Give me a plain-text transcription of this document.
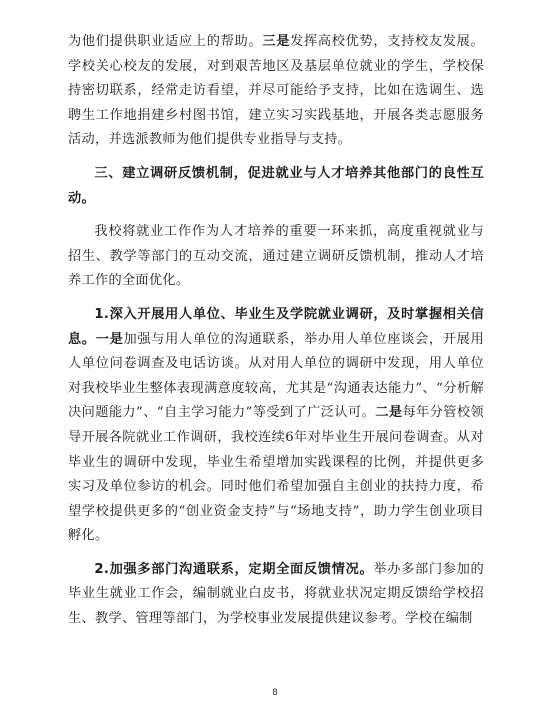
为他们提供职业适应上的帮助。三是发挥高校优势，支持校友发展。学校关心校友的发展，对到艰苦地区及基层单位就业的学生，学校保持密切联系，经常走访看望，并尽可能给予支持，比如在选调生、选聘生工作地捐建乡村图书馆，建立实习实践基地，开展各类志愿服务活动，并选派教师为他们提供专业指导与支持。

三、建立调研反馈机制，促进就业与人才培养其他部门的良性互动。

我校将就业工作作为人才培养的重要一环来抓，高度重视就业与招生、教学等部门的互动交流，通过建立调研反馈机制，推动人才培养工作的全面优化。

1.深入开展用人单位、毕业生及学院就业调研，及时掌握相关信息。一是加强与用人单位的沟通联系，举办用人单位座谈会，开展用人单位问卷调查及电话访谈。从对用人单位的调研中发现，用人单位对我校毕业生整体表现满意度较高，尤其是“沟通表达能力”、“分析解决问题能力”、“自主学习能力”等受到了广泛认可。二是每年分管校领导开展各院就业工作调研，我校连续6年对毕业生开展问卷调查。从对毕业生的调研中发现，毕业生希望增加实践课程的比例，并提供更多实习及单位参访的机会。同时他们希望加强自主创业的扶持力度，希望学校提供更多的“创业资金支持”与“场地支持”，助力学生创业项目孵化。

2.加强多部门沟通联系，定期全面反馈情况。举办多部门参加的毕业生就业工作会，编制就业白皮书，将就业状况定期反馈给学校招生、教学、管理等部门，为学校事业发展提供建议参考。学校在编制

8
